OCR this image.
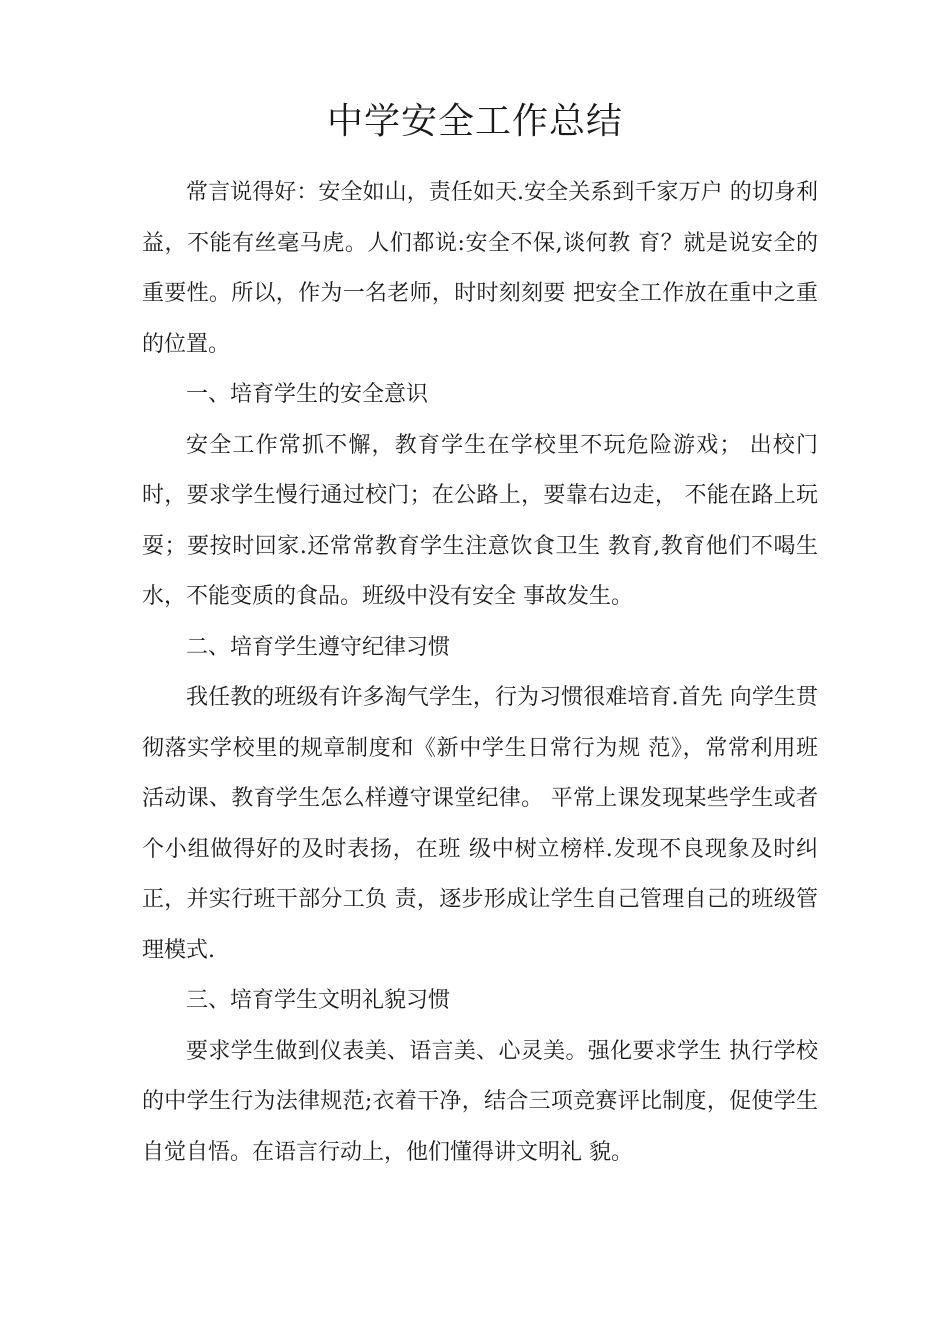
中学安全工作总结

常言说得好：安全如山，责任如天.安全关系到千家万户 的切身利益，不能有丝毫马虎。人们都说:安全不保,谈何教 育？就是说安全的重要性。所以，作为一名老师，时时刻刻要 把安全工作放在重中之重的位置。

一、培育学生的安全意识

安全工作常抓不懈，教育学生在学校里不玩危险游戏； 出校门时，要求学生慢行通过校门；在公路上，要靠右边走， 不能在路上玩耍；要按时回家.还常常教育学生注意饮食卫生 教育,教育他们不喝生水，不能变质的食品。班级中没有安全 事故发生。

二、培育学生遵守纪律习惯

我任教的班级有许多淘气学生，行为习惯很难培育.首先 向学生贯彻落实学校里的规章制度和《新中学生日常行为规 范》，常常利用班活动课、教育学生怎么样遵守课堂纪律。 平常上课发现某些学生或者个小组做得好的及时表扬，在班 级中树立榜样.发现不良现象及时纠正，并实行班干部分工负 责，逐步形成让学生自己管理自己的班级管理模式.

三、培育学生文明礼貌习惯

要求学生做到仪表美、语言美、心灵美。强化要求学生 执行学校的中学生行为法律规范;衣着干净，结合三项竞赛评比制度，促使学生自觉自悟。在语言行动上，他们懂得讲文明礼 貌。
